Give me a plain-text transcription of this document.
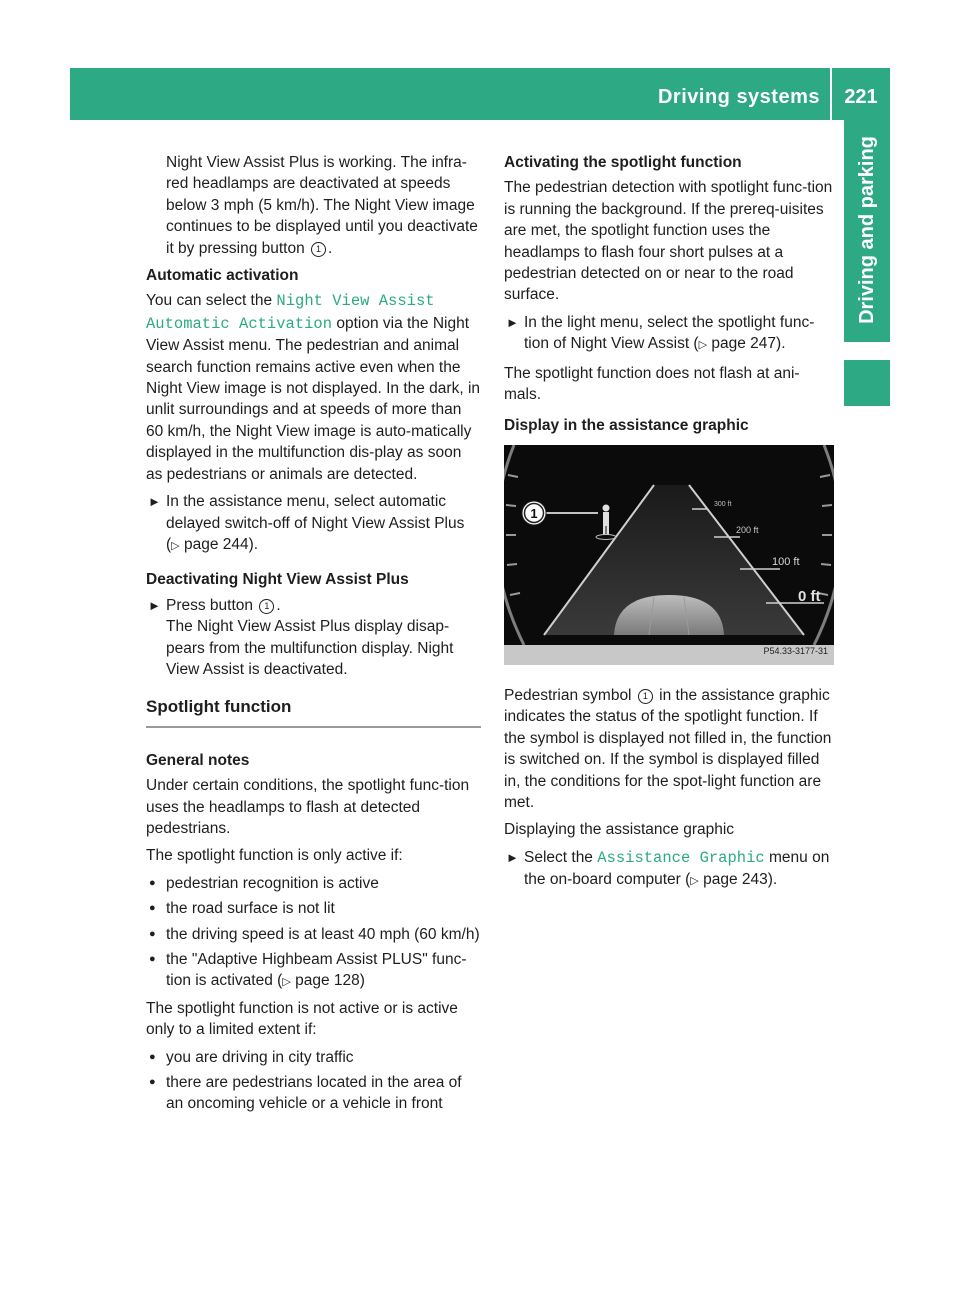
Driving systems	221
Driving and parking

Night View Assist Plus is working. The infra-red headlamps are deactivated at speeds below 3 mph (5 km/h). The Night View image continues to be displayed until you deactivate it by pressing button 1 .

Automatic activation

You can select the Night View Assist Automatic Activation option via the Night View Assist menu. The pedestrian and animal search function remains active even when the Night View image is not displayed. In the dark, in unlit surroundings and at speeds of more than 60 km/h, the Night View image is auto-matically displayed in the multifunction dis-play as soon as pedestrians or animals are detected.

► In the assistance menu, select automatic delayed switch-off of Night View Assist Plus (▷ page 244).
Deactivating Night View Assist Plus
► Press button 1 .
The Night View Assist Plus display disap-pears from the multifunction display. Night View Assist is deactivated.
Spotlight function
General notes

Under certain conditions, the spotlight func-tion uses the headlamps to flash at detected pedestrians.

The spotlight function is only active if:

● pedestrian recognition is active
● the road surface is not lit
● the driving speed is at least 40 mph (60 km/h)
● the "Adaptive Highbeam Assist PLUS" func-tion is activated (▷ page 128)

The spotlight function is not active or is active only to a limited extent if:

● you are driving in city traffic
● there are pedestrians located in the area of an oncoming vehicle or a vehicle in front
Activating the spotlight function

The pedestrian detection with spotlight func-tion is running the background. If the prereq-uisites are met, the spotlight function uses the headlamps to flash four short pulses at a pedestrian detected on or near to the road surface.

► In the light menu, select the spotlight func-tion of Night View Assist (▷ page 247).

The spotlight function does not flash at ani-mals.

Display in the assistance graphic
300 ft
200 ft
100 ft
0 ft
1
P54.33-3177-31

Pedestrian symbol 1 in the assistance graphic indicates the status of the spotlight function. If the symbol is displayed not filled in, the function is switched on. If the symbol is displayed filled in, the conditions for the spot-light function are met.

Displaying the assistance graphic

► Select the Assistance Graphic menu on the on-board computer (▷ page 243).
